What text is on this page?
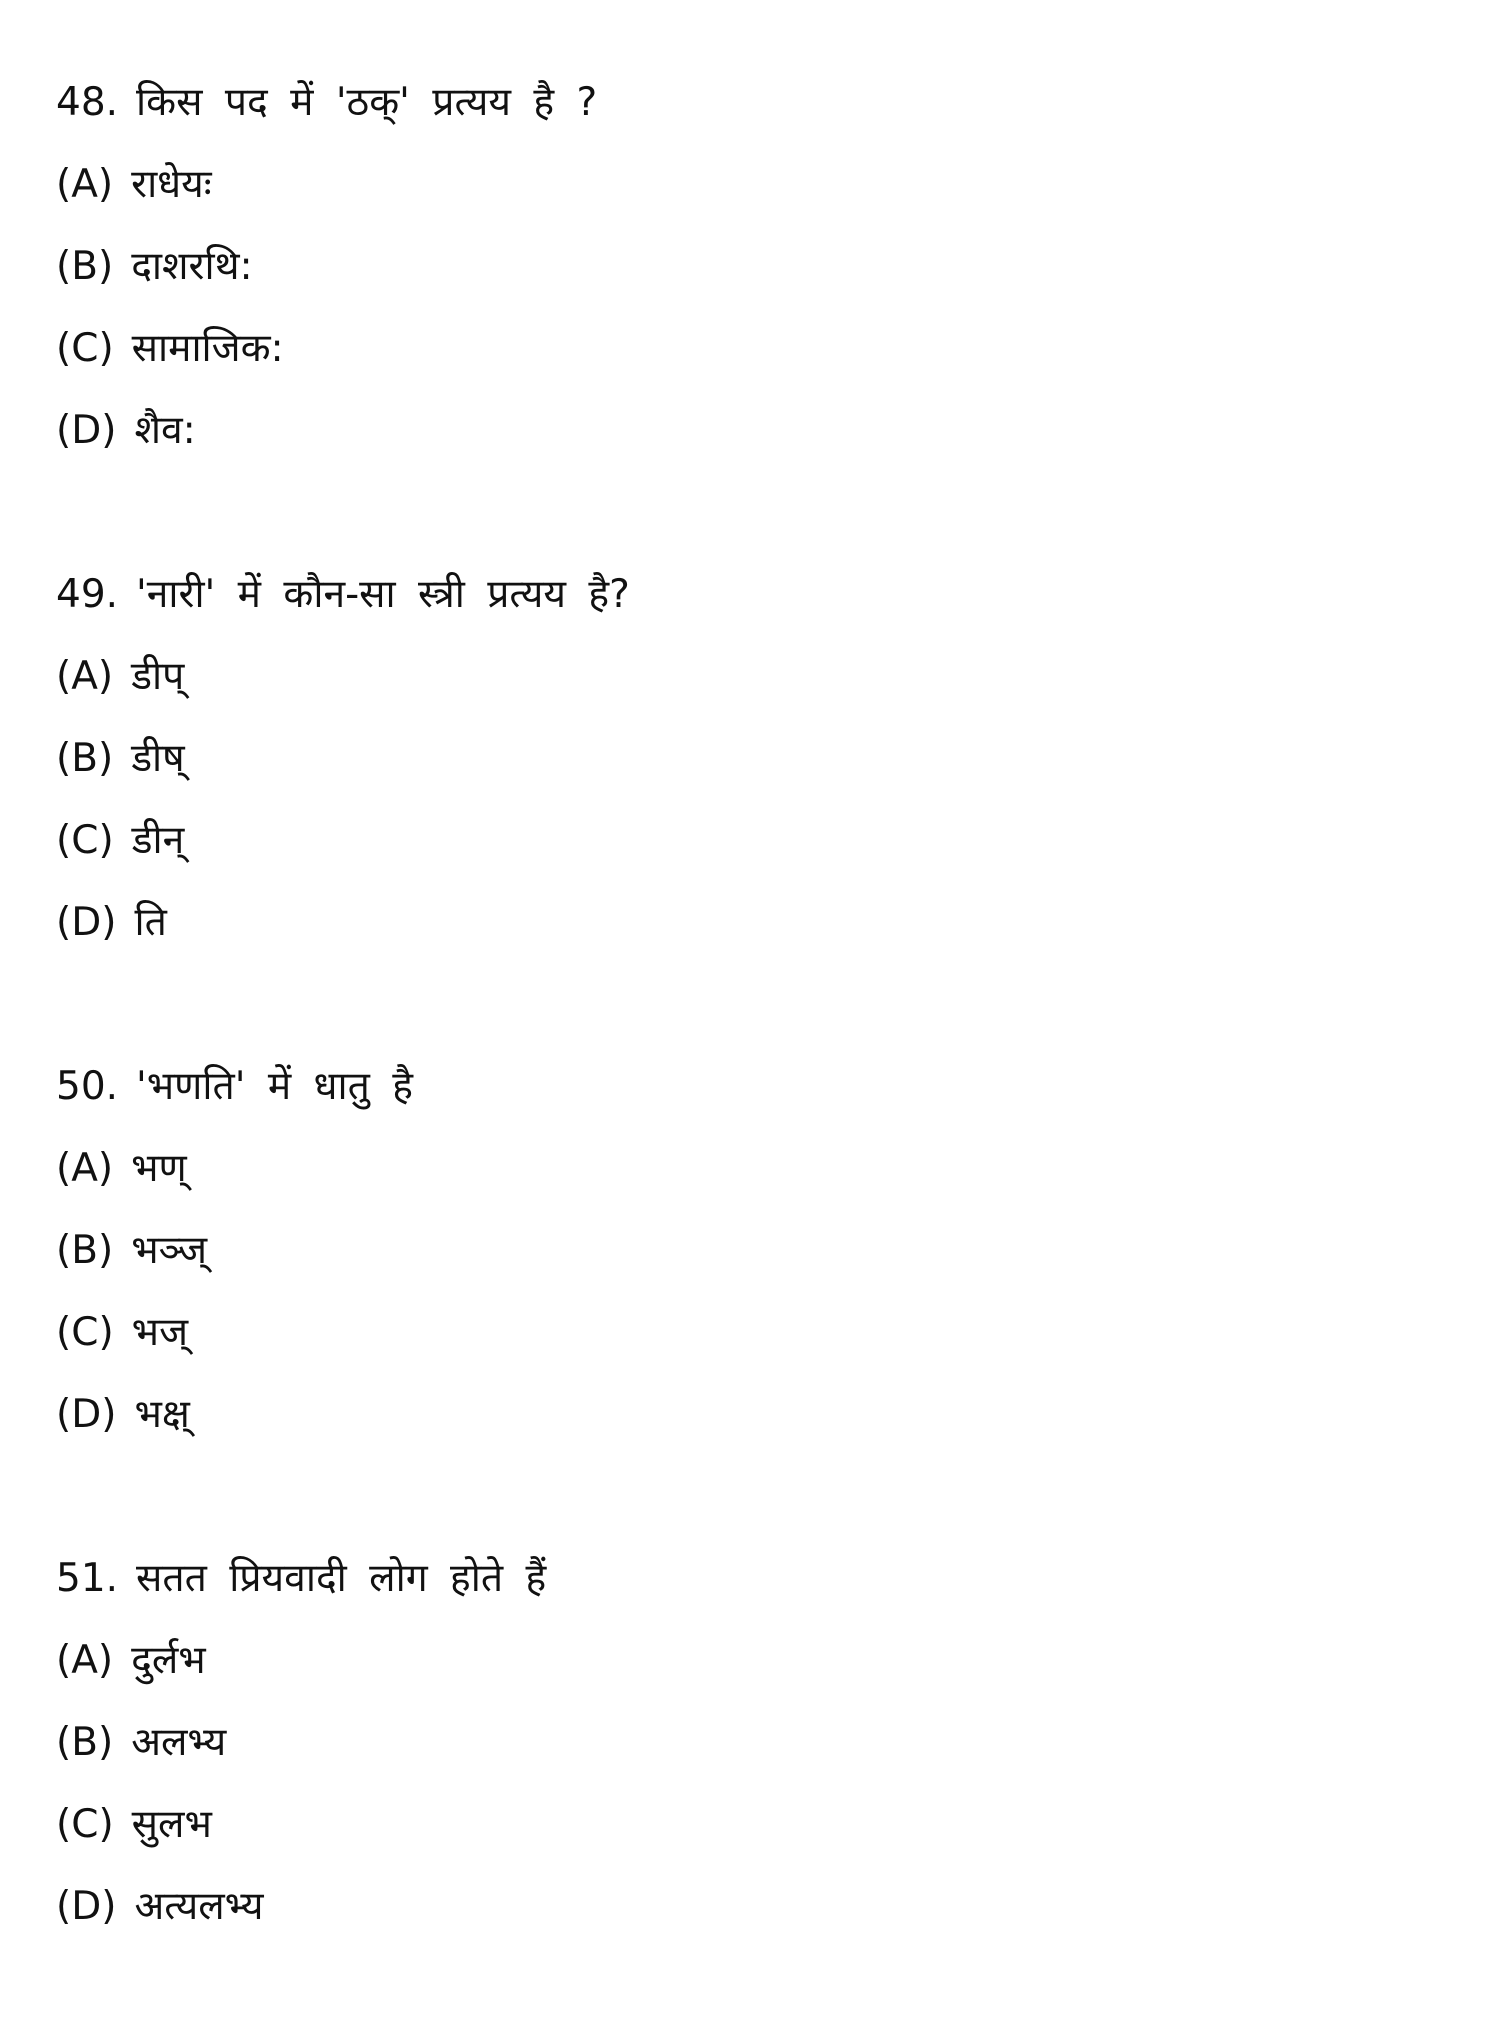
48. किस पद में 'ठक्' प्रत्यय है ?
(A) राधेयः
(B) दाशरथि:
(C) सामाजिक:
(D) शैव:
49. 'नारी' में कौन-सा स्त्री प्रत्यय है?
(A) डीप्
(B) डीष्
(C) डीन्
(D) ति
50. 'भणति' में धातु है
(A) भण्
(B) भञ्ज्
(C) भज्
(D) भक्ष्
51. सतत प्रियवादी लोग होते हैं
(A) दुर्लभ
(B) अलभ्य
(C) सुलभ
(D) अत्यलभ्य
